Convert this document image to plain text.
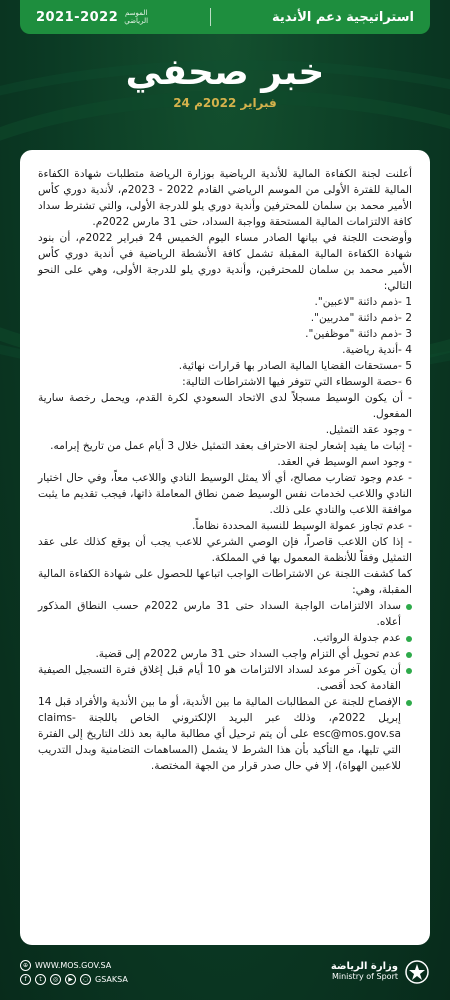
2021-2022 الموسم
الرياضي	استراتيجية دعم الأندية
خبر صحفي
24 فبراير 2022م

أعلنت لجنة الكفاءة المالية للأندية الرياضية بوزارة الرياضة متطلبات شهادة الكفاءة المالية للفترة الأولى من الموسم الرياضي القادم 2022 - 2023م، لأندية دوري كأس الأمير محمد بن سلمان للمحترفين وأندية دوري يلو للدرجة الأولى، والتي تشترط سداد كافة الالتزامات المالية المستحقة وواجبة السداد، حتى 31 مارس 2022م.

وأوضحت اللجنة في بيانها الصادر مساء اليوم الخميس 24 فبراير 2022م، أن بنود شهادة الكفاءة المالية المقبلة تشمل كافة الأنشطة الرياضية في أندية دوري كأس الأمير محمد بن سلمان للمحترفين، وأندية دوري يلو للدرجة الأولى، وهي على النحو التالي:

1 -ذمم دائنة "لاعبين".

2 -ذمم دائنة "مدربين".

3 -ذمم دائنة "موظفين".

4 -أندية رياضية.

5 -مستحقات القضايا المالية الصادر بها قرارات نهائية.

6 -حصة الوسطاء التي تتوفر فيها الاشتراطات التالية:

- أن يكون الوسيط مسجلاً لدى الاتحاد السعودي لكرة القدم، ويحمل رخصة سارية المفعول.

- وجود عقد التمثيل.

- إثبات ما يفيد إشعار لجنة الاحتراف بعقد التمثيل خلال 3 أيام عمل من تاريخ إبرامه.

- وجود اسم الوسيط في العقد.

- عدم وجود تضارب مصالح، أي ألا يمثل الوسيط النادي واللاعب معاً، وفي حال اختيار النادي واللاعب لخدمات نفس الوسيط ضمن نطاق المعاملة ذاتها، فيجب تقديم ما يثبت موافقة اللاعب والنادي على ذلك.

- عدم تجاوز عمولة الوسيط للنسبة المحددة نظاماً.

- إذا كان اللاعب قاصراً، فإن الوصي الشرعي للاعب يجب أن يوقع كذلك على عقد التمثيل وفقاً للأنظمة المعمول بها في المملكة.

كما كشفت اللجنة عن الاشتراطات الواجب اتباعها للحصول على شهادة الكفاءة المالية المقبلة، وهي:

سداد الالتزامات الواجبة السداد حتى 31 مارس 2022م حسب النطاق المذكور أعلاه.
عدم جدولة الرواتب.
عدم تحويل أي التزام واجب السداد حتى 31 مارس 2022م إلى قضية.
أن يكون آخر موعد لسداد الالتزامات هو 10 أيام قبل إغلاق فترة التسجيل الصيفية القادمة كحد أقصى.
الإفصاح للجنة عن المطالبات المالية ما بين الأندية، أو ما بين الأندية والأفراد قبل 14 إبريل 2022م، وذلك عبر البريد الإلكتروني الخاص باللجنة claims-esc@mos.gov.sa على أن يتم ترحيل أي مطالبة مالية بعد ذلك التاريخ إلى الفترة التي تليها، مع التأكيد بأن هذا الشرط لا يشمل (المساهمات التضامنية وبدل التدريب للاعبين الهواة)، إلا في حال صدر قرار من الجهة المختصة.
⊕ WWW.MOS.GOV.SA
f	t	◎	▶	◌ GSAKSA
وزارة الرياضة
Ministry of Sport
